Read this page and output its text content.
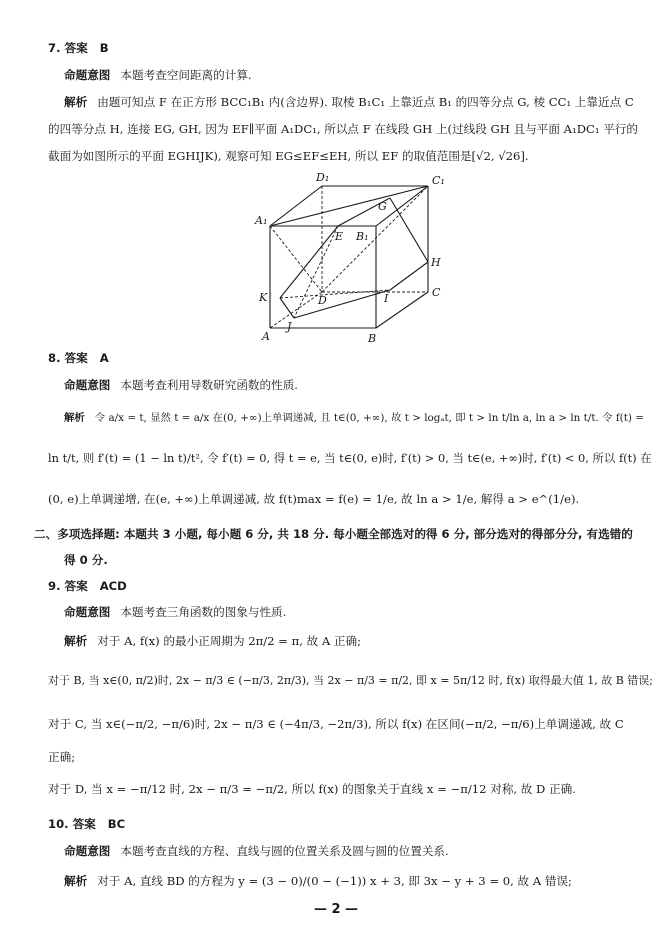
7. 答案 B
命题意图 本题考查空间距离的计算.
解析 由题可知点 F 在正方形 BCC₁B₁ 内(含边界). 取棱 B₁C₁ 上靠近点 B₁ 的四等分点 G, 棱 CC₁ 上靠近点 C
的四等分点 H, 连接 EG, GH, 因为 EF∥平面 A₁DC₁, 所以点 F 在线段 GH 上(过线段 GH 且与平面 A₁DC₁ 平行的
截面为如图所示的平面 EGHIJK), 观察可知 EG≤EF≤EH, 所以 EF 的取值范围是[√2, √26].
D₁	C₁
A₁
G
E B₁
H
K	D	I	C
J
A	B
8. 答案 A
命题意图 本题考查利用导数研究函数的性质.
解析 令 a/x = t, 显然 t = a/x 在(0, +∞)上单调递减, 且 t∈(0, +∞), 故 t > logₐt, 即 t > ln t/ln a, ln a > ln t/t. 令 f(t) =
ln t/t, 则 f′(t) = (1 − ln t)/t², 令 f′(t) = 0, 得 t = e, 当 t∈(0, e)时, f′(t) > 0, 当 t∈(e, +∞)时, f′(t) < 0, 所以 f(t) 在
(0, e)上单调递增, 在(e, +∞)上单调递减, 故 f(t)max = f(e) = 1/e, 故 ln a > 1/e, 解得 a > e^(1/e).
二、多项选择题: 本题共 3 小题, 每小题 6 分, 共 18 分. 每小题全部选对的得 6 分, 部分选对的得部分分, 有选错的
得 0 分.
9. 答案 ACD
命题意图 本题考查三角函数的图象与性质.
解析 对于 A, f(x) 的最小正周期为 2π/2 = π, 故 A 正确;
对于 B, 当 x∈(0, π/2)时, 2x − π/3 ∈ (−π/3, 2π/3), 当 2x − π/3 = π/2, 即 x = 5π/12 时, f(x) 取得最大值 1, 故 B 错误;
对于 C, 当 x∈(−π/2, −π/6)时, 2x − π/3 ∈ (−4π/3, −2π/3), 所以 f(x) 在区间(−π/2, −π/6)上单调递减, 故 C
正确;
对于 D, 当 x = −π/12 时, 2x − π/3 = −π/2, 所以 f(x) 的图象关于直线 x = −π/12 对称, 故 D 正确.
10. 答案 BC
命题意图 本题考查直线的方程、直线与圆的位置关系及圆与圆的位置关系.
解析 对于 A, 直线 BD 的方程为 y = (3 − 0)/(0 − (−1)) x + 3, 即 3x − y + 3 = 0, 故 A 错误;
— 2 —
